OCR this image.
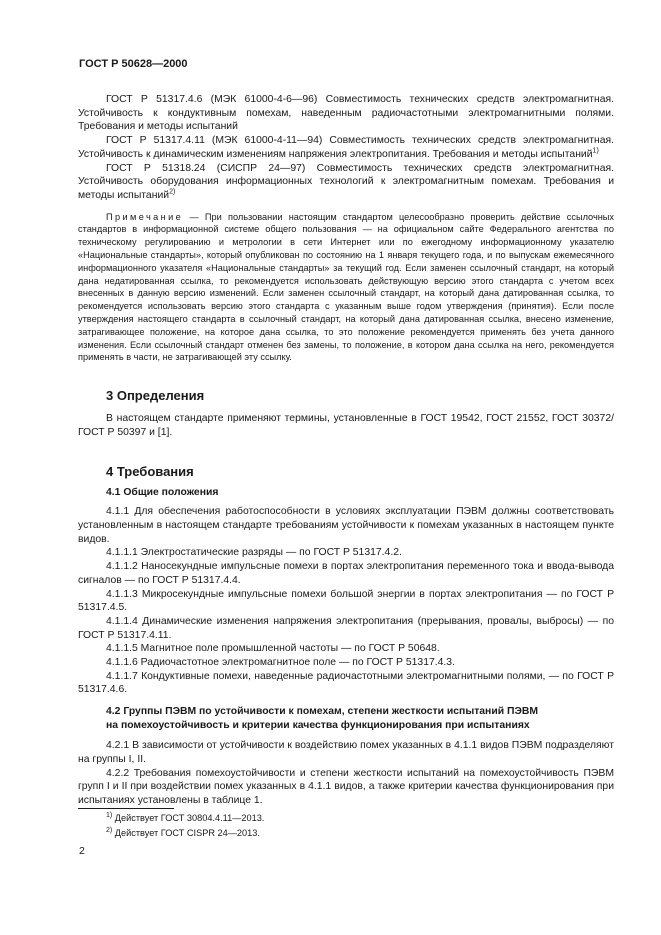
ГОСТ Р 50628—2000

ГОСТ Р 51317.4.6 (МЭК 61000-4-6—96) Совместимость технических средств электромагнитная. Устойчивость к кондуктивным помехам, наведенным радиочастотными электромагнитными полями. Требования и методы испытаний

ГОСТ Р 51317.4.11 (МЭК 61000-4-11—94) Совместимость технических средств электромагнитная. Устойчивость к динамическим изменениям напряжения электропитания. Требования и методы испытаний$^{1)}$

ГОСТ Р 51318.24 (СИСПР 24—97) Совместимость технических средств электромагнитная. Устойчивость оборудования информационных технологий к электромагнитным помехам. Требования и методы испытаний$^{2)}$

Примечание — При пользовании настоящим стандартом целесообразно проверить действие ссылочных стандартов в информационной системе общего пользования — на официальном сайте Федерального агентства по техническому регулированию и метрологии в сети Интернет или по ежегодному информационному указателю «Национальные стандарты», который опубликован по состоянию на 1 января текущего года, и по выпускам ежемесячного информационного указателя «Национальные стандарты» за текущий год. Если заменен ссылочный стандарт, на который дана недатированная ссылка, то рекомендуется использовать действующую версию этого стандарта с учетом всех внесенных в данную версию изменений. Если заменен ссылочный стандарт, на который дана датированная ссылка, то рекомендуется использовать версию этого стандарта с указанным выше годом утверждения (принятия). Если после утверждения настоящего стандарта в ссылочный стандарт, на который дана датированная ссылка, внесено изменение, затрагивающее положение, на которое дана ссылка, то это положение рекомендуется применять без учета данного изменения. Если ссылочный стандарт отменен без замены, то положение, в котором дана ссылка на него, рекомендуется применять в части, не затрагивающей эту ссылку.

3 Определения

В настоящем стандарте применяют термины, установленные в ГОСТ 19542, ГОСТ 21552, ГОСТ 30372/ГОСТ Р 50397 и [1].

4 Требования
4.1 Общие положения

4.1.1 Для обеспечения работоспособности в условиях эксплуатации ПЭВМ должны соответствовать установленным в настоящем стандарте требованиям устойчивости к помехам указанных в настоящем пункте видов.

4.1.1.1 Электростатические разряды — по ГОСТ Р 51317.4.2.

4.1.1.2 Наносекундные импульсные помехи в портах электропитания переменного тока и ввода-вывода сигналов — по ГОСТ Р 51317.4.4.

4.1.1.3 Микросекундные импульсные помехи большой энергии в портах электропитания — по ГОСТ Р 51317.4.5.

4.1.1.4 Динамические изменения напряжения электропитания (прерывания, провалы, выбросы) — по ГОСТ Р 51317.4.11.

4.1.1.5 Магнитное поле промышленной частоты — по ГОСТ Р 50648.

4.1.1.6 Радиочастотное электромагнитное поле — по ГОСТ Р 51317.4.3.

4.1.1.7 Кондуктивные помехи, наведенные радиочастотными электромагнитными полями, — по ГОСТ Р 51317.4.6.

4.2 Группы ПЭВМ по устойчивости к помехам, степени жесткости испытаний ПЭВМ
на помехоустойчивость и критерии качества функционирования при испытаниях

4.2.1 В зависимости от устойчивости к воздействию помех указанных в 4.1.1 видов ПЭВМ подразделяют на группы I, II.

4.2.2 Требования помехоустойчивости и степени жесткости испытаний на помехоустойчивость ПЭВМ групп I и II при воздействии помех указанных в 4.1.1 видов, а также критерии качества функционирования при испытаниях установлены в таблице 1.

$^{1)}$ Действует ГОСТ 30804.4.11—2013.
$^{2)}$ Действует ГОСТ CISPR 24—2013.
2
